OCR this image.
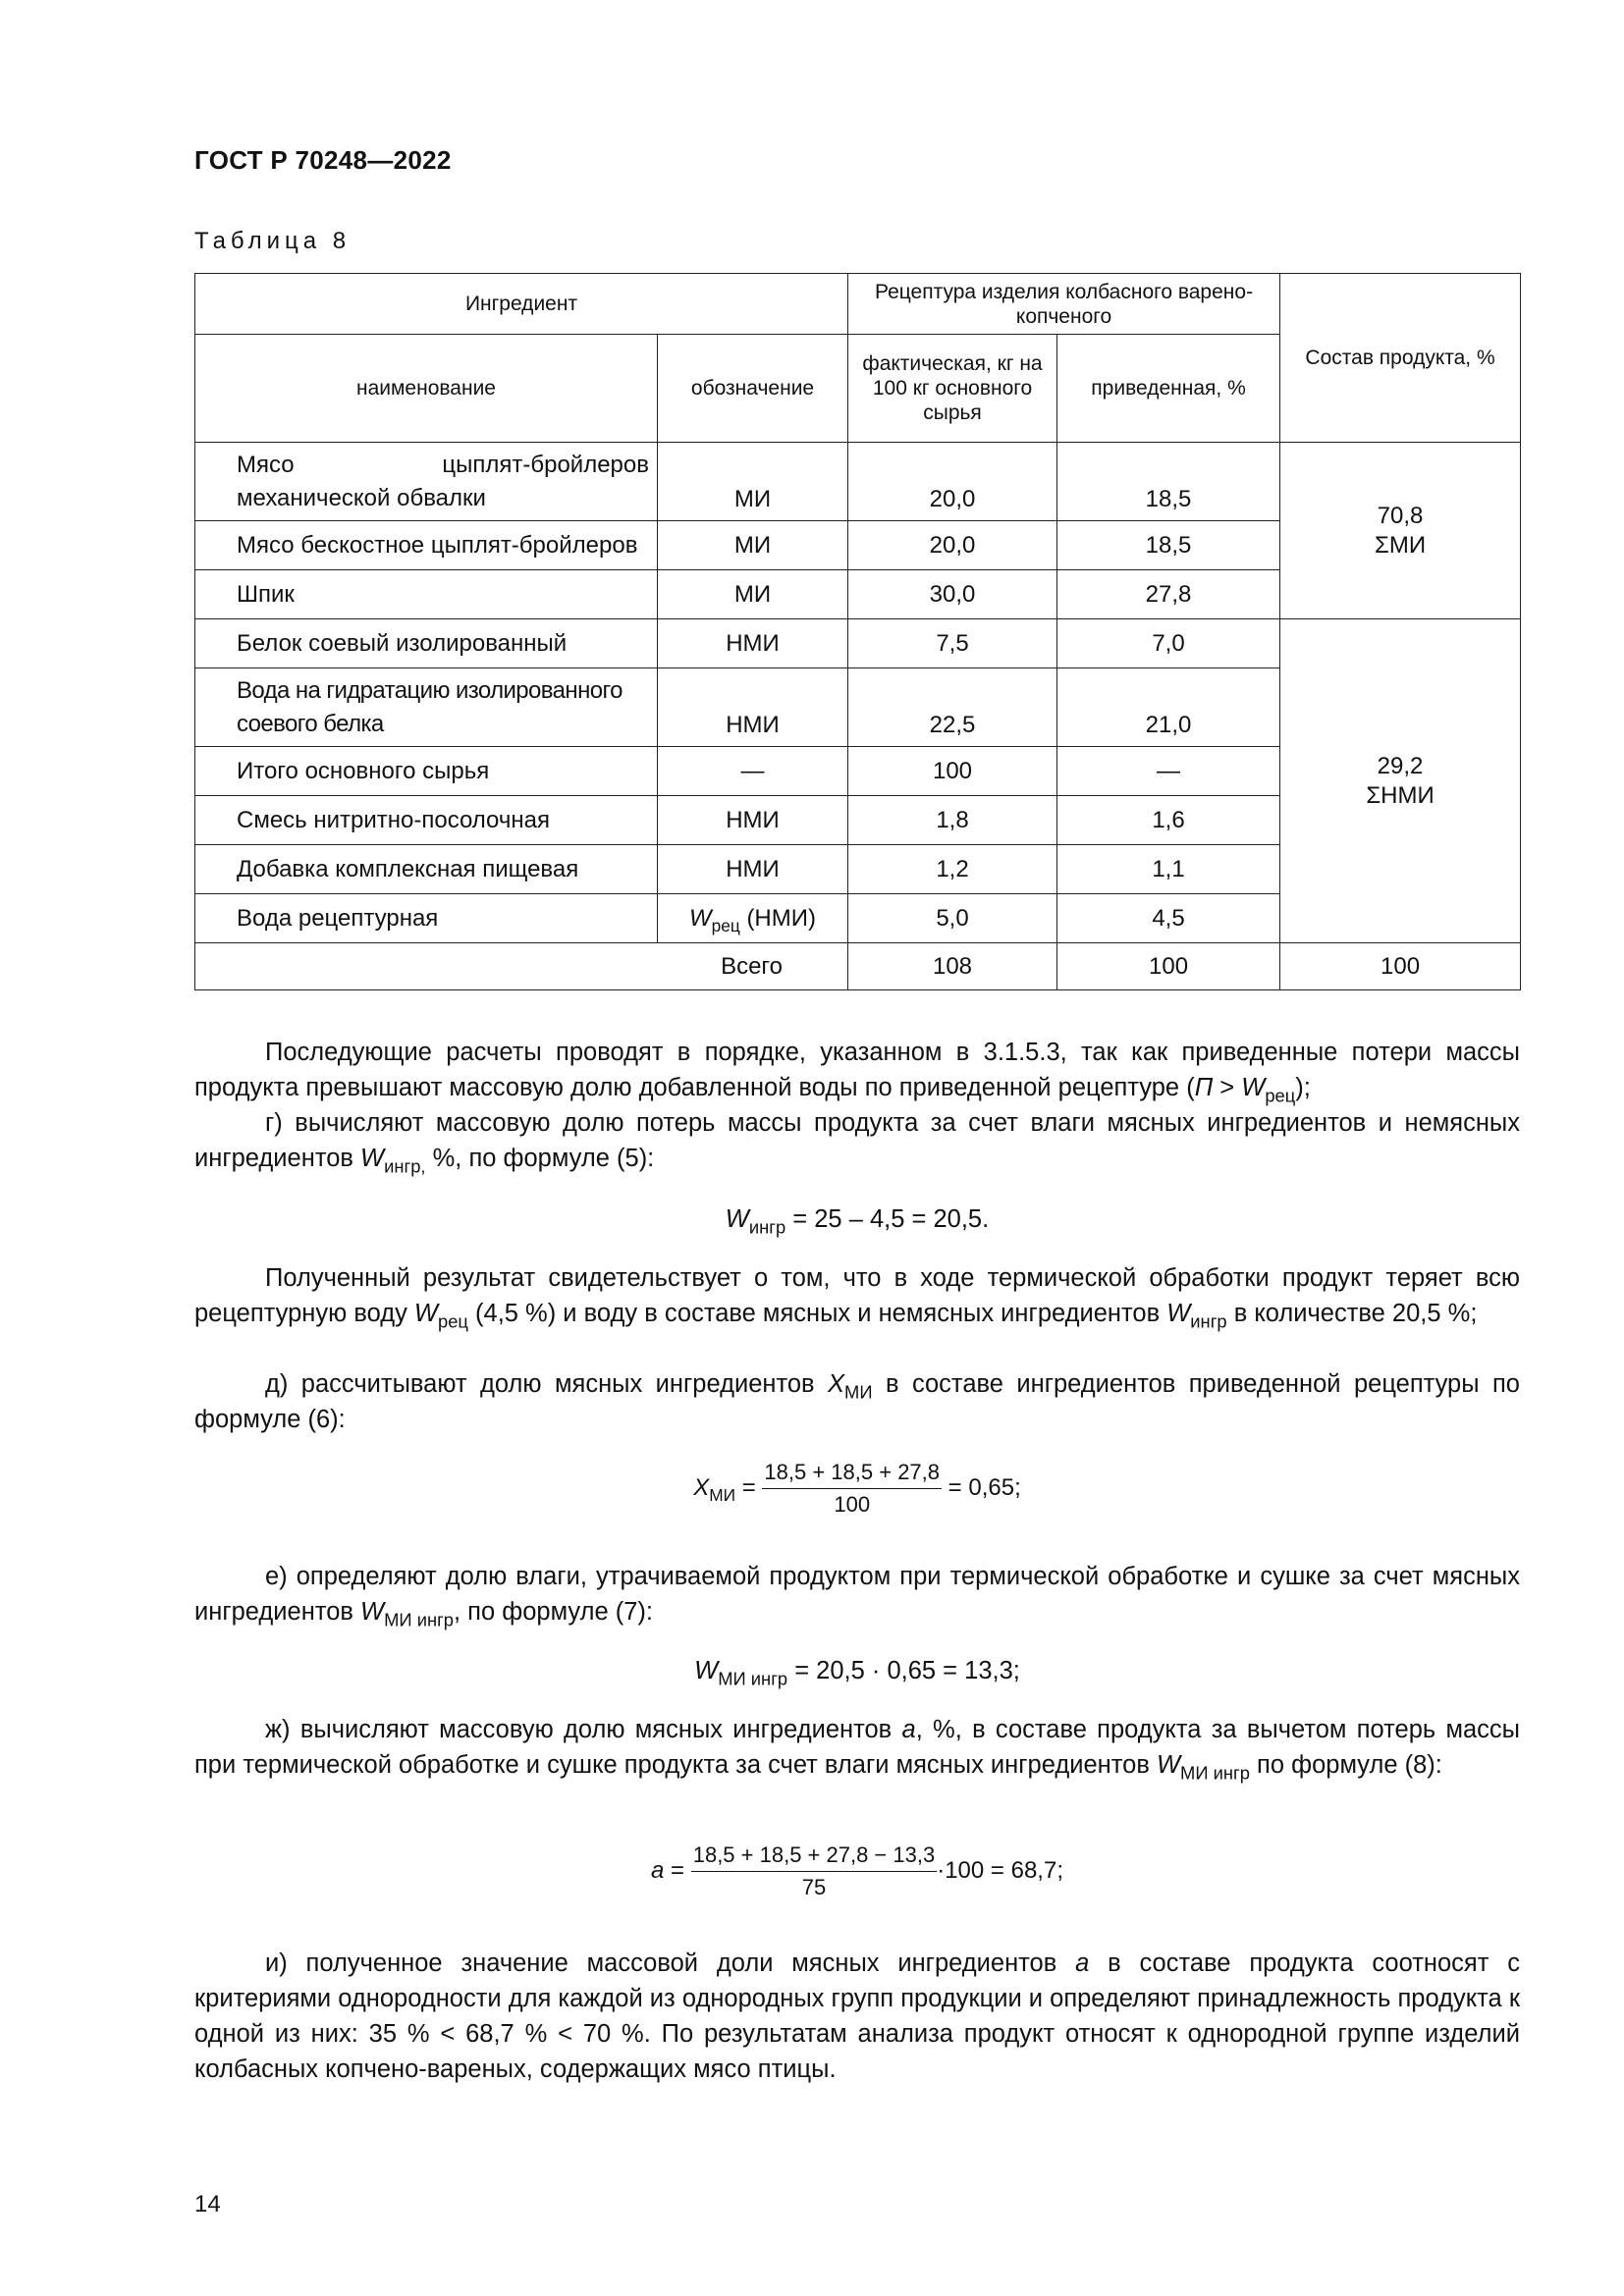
ГОСТ Р 70248—2022
Таблица 8
Ингредиент		Рецептура изделия колбасного варено-копченого		Состав продукта, %
наименование	обозначение	фактическая, кг на 100 кг основного сырья	приведенная, %	
Мясо цыплят-бройлеров механической обвалки	МИ	20,0	18,5	70,8
ΣМИ

Мясо бескостное цыплят-бройлеров	МИ	20,0	18,5	
Шпик	МИ	30,0	27,8	
Белок соевый изолированный	НМИ	7,5	7,0	29,2
ΣНМИ

Вода на гидратацию изолированного соевого белка	НМИ	22,5	21,0	
Итого основного сырья	—	100	—	
Смесь нитритно-посолочная	НМИ	1,8	1,6	
Добавка комплексная пищевая	НМИ	1,2	1,1	
Вода рецептурная	$W_{рец}$ (НМИ)	5,0	4,5	
Всего		108	100	100

Последующие расчеты проводят в порядке, указанном в 3.1.5.3, так как приведенные потери массы продукта превышают массовую долю добавленной воды по приведенной рецептуре $(П > W_{рец})$;

г) вычисляют массовую долю потерь массы продукта за счет влаги мясных ингредиентов и немясных ингредиентов $W_{ингр,}$ %, по формуле (5):

$W_{ингр} = 25 - 4,5 = 20,5$.

Полученный результат свидетельствует о том, что в ходе термической обработки продукт теряет всю рецептурную воду $W_{рец}$ (4,5 %) и воду в составе мясных и немясных ингредиентов $W_{ингр}$ в количестве 20,5 %;

д) рассчитывают долю мясных ингредиентов $X_{МИ}$ в составе ингредиентов приведенной рецептуры по формуле (6):

$X_{МИ} = \frac{18,5 + 18,5 + 27,8}{100} = 0,65$;

е) определяют долю влаги, утрачиваемой продуктом при термической обработке и сушке за счет мясных ингредиентов $W_{МИ ингр}$, по формуле (7):

$W_{МИ ингр} = 20,5 \cdot 0,65 = 13,3$;

ж) вычисляют массовую долю мясных ингредиентов a, %, в составе продукта за вычетом потерь массы при термической обработке и сушке продукта за счет влаги мясных ингредиентов $W_{МИ ингр}$ по формуле (8):

$a = \frac{18,5 + 18,5 + 27,8 - 13,3}{75} \cdot 100 = 68,7$;

и) полученное значение массовой доли мясных ингредиентов a в составе продукта соотносят с критериями однородности для каждой из однородных групп продукции и определяют принадлежность продукта к одной из них: 35 % < 68,7 % < 70 %. По результатам анализа продукт относят к однородной группе изделий колбасных копчено-вареных, содержащих мясо птицы.

14
